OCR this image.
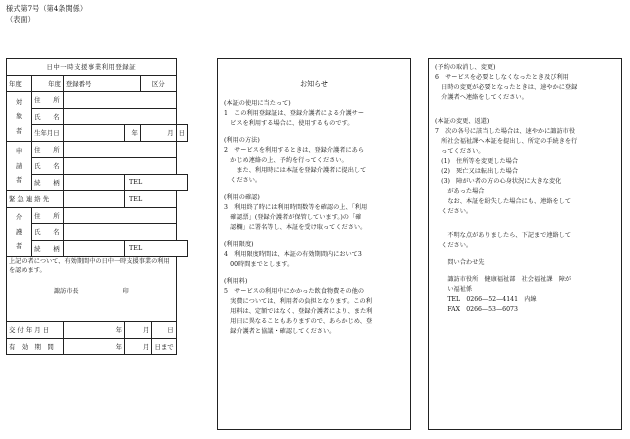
様式第7号（第4条関係）
（表面）
日中一時支援事業利用登録証						
年度	年度	登録番号		区分		

対
象
者	住　　所					
	氏　　名					
	生年月日		年	月		日

申
請
者	住　　所					
	氏　　名					
	続　　柄		TEL			
緊 急 連 絡 先			TEL			

介
護
者	住　　所					
	氏　　名					
	続　　柄		TEL			

上記の者について、有効期間中の日中一時支援事業の利用を認めます。
諏訪市長 印						

交 付 年 月 日		年	月		日	
有　効　期　間		年	月		日まで	
お知らせ
(本証の使用に当たって)
1　この利用登録証は、登録介護者による介護サー
　ビスを利用する場合に、使用するものです。
(利用の方法)
2　サービスを利用するときは、登録介護者にあら
　かじめ連絡の上、予約を行ってください。
　　また、利用時には本証を登録介護者に提出して
　ください。
(利用の確認)
3　利用終了時には利用時間数等を確認の上、「利用
　確認票」(登録介護者が保管しています。)の「確
　認欄」に署名等し、本証を受け取ってください。
(利用限度)
4　利用限度時間は、本証の有効期間内において3
　00時間までとします。
(利用料)
5　サービスの利用中にかかった飲食物費その他の
　実費については、利用者の負担となります。この利
　用料は、定額ではなく、登録介護者により、また利
　用日に異なることもありますので、あらかじめ、登
　録介護者と協議・確認してください。
(予約の取消し、変更)
6　サービスを必要としなくなったとき及び利用
　日時の変更が必要となったときは、速やかに登録
　介護者へ連絡をしてください。
(本証の変更、返還)
7　次の各号に該当した場合は、速やかに諏訪市役
　所社会福祉課へ本証を提出し、所定の手続きを行
　ってください。
　(1)　住所等を変更した場合
　(2)　死亡又は転出した場合
　(3)　障がい者の方の心身状況に大きな変化
　　があった場合
　　なお、本証を紛失した場合にも、連絡をして
　ください。
　　不明な点がありましたら、下記まで連絡して
　ください。
　　問い合わせ先
　　諏訪市役所　健康福祉部　社会福祉課　障が
　　い福祉係
　　TEL　0266—52—4141　内線
　　FAX　0266—53—6073
